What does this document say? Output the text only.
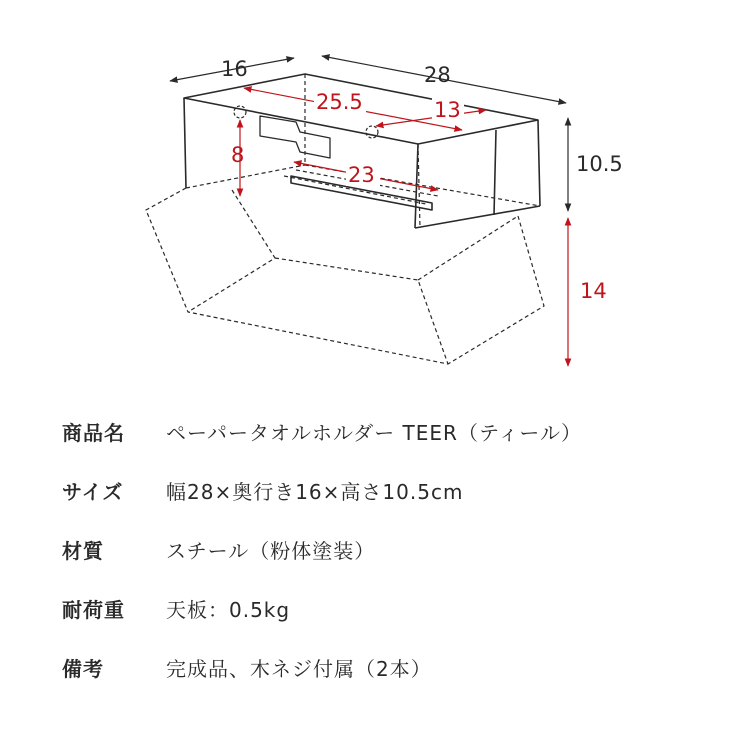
16	28
10.5
14
25.5	13
8
23
商品名	ペーパータオルホルダー TEER（ティール）
サイズ	幅28×奥行き16×高さ10.5cm
材質	スチール（粉体塗装）
耐荷重	天板：0.5kg
備考	完成品、木ネジ付属（2本）
